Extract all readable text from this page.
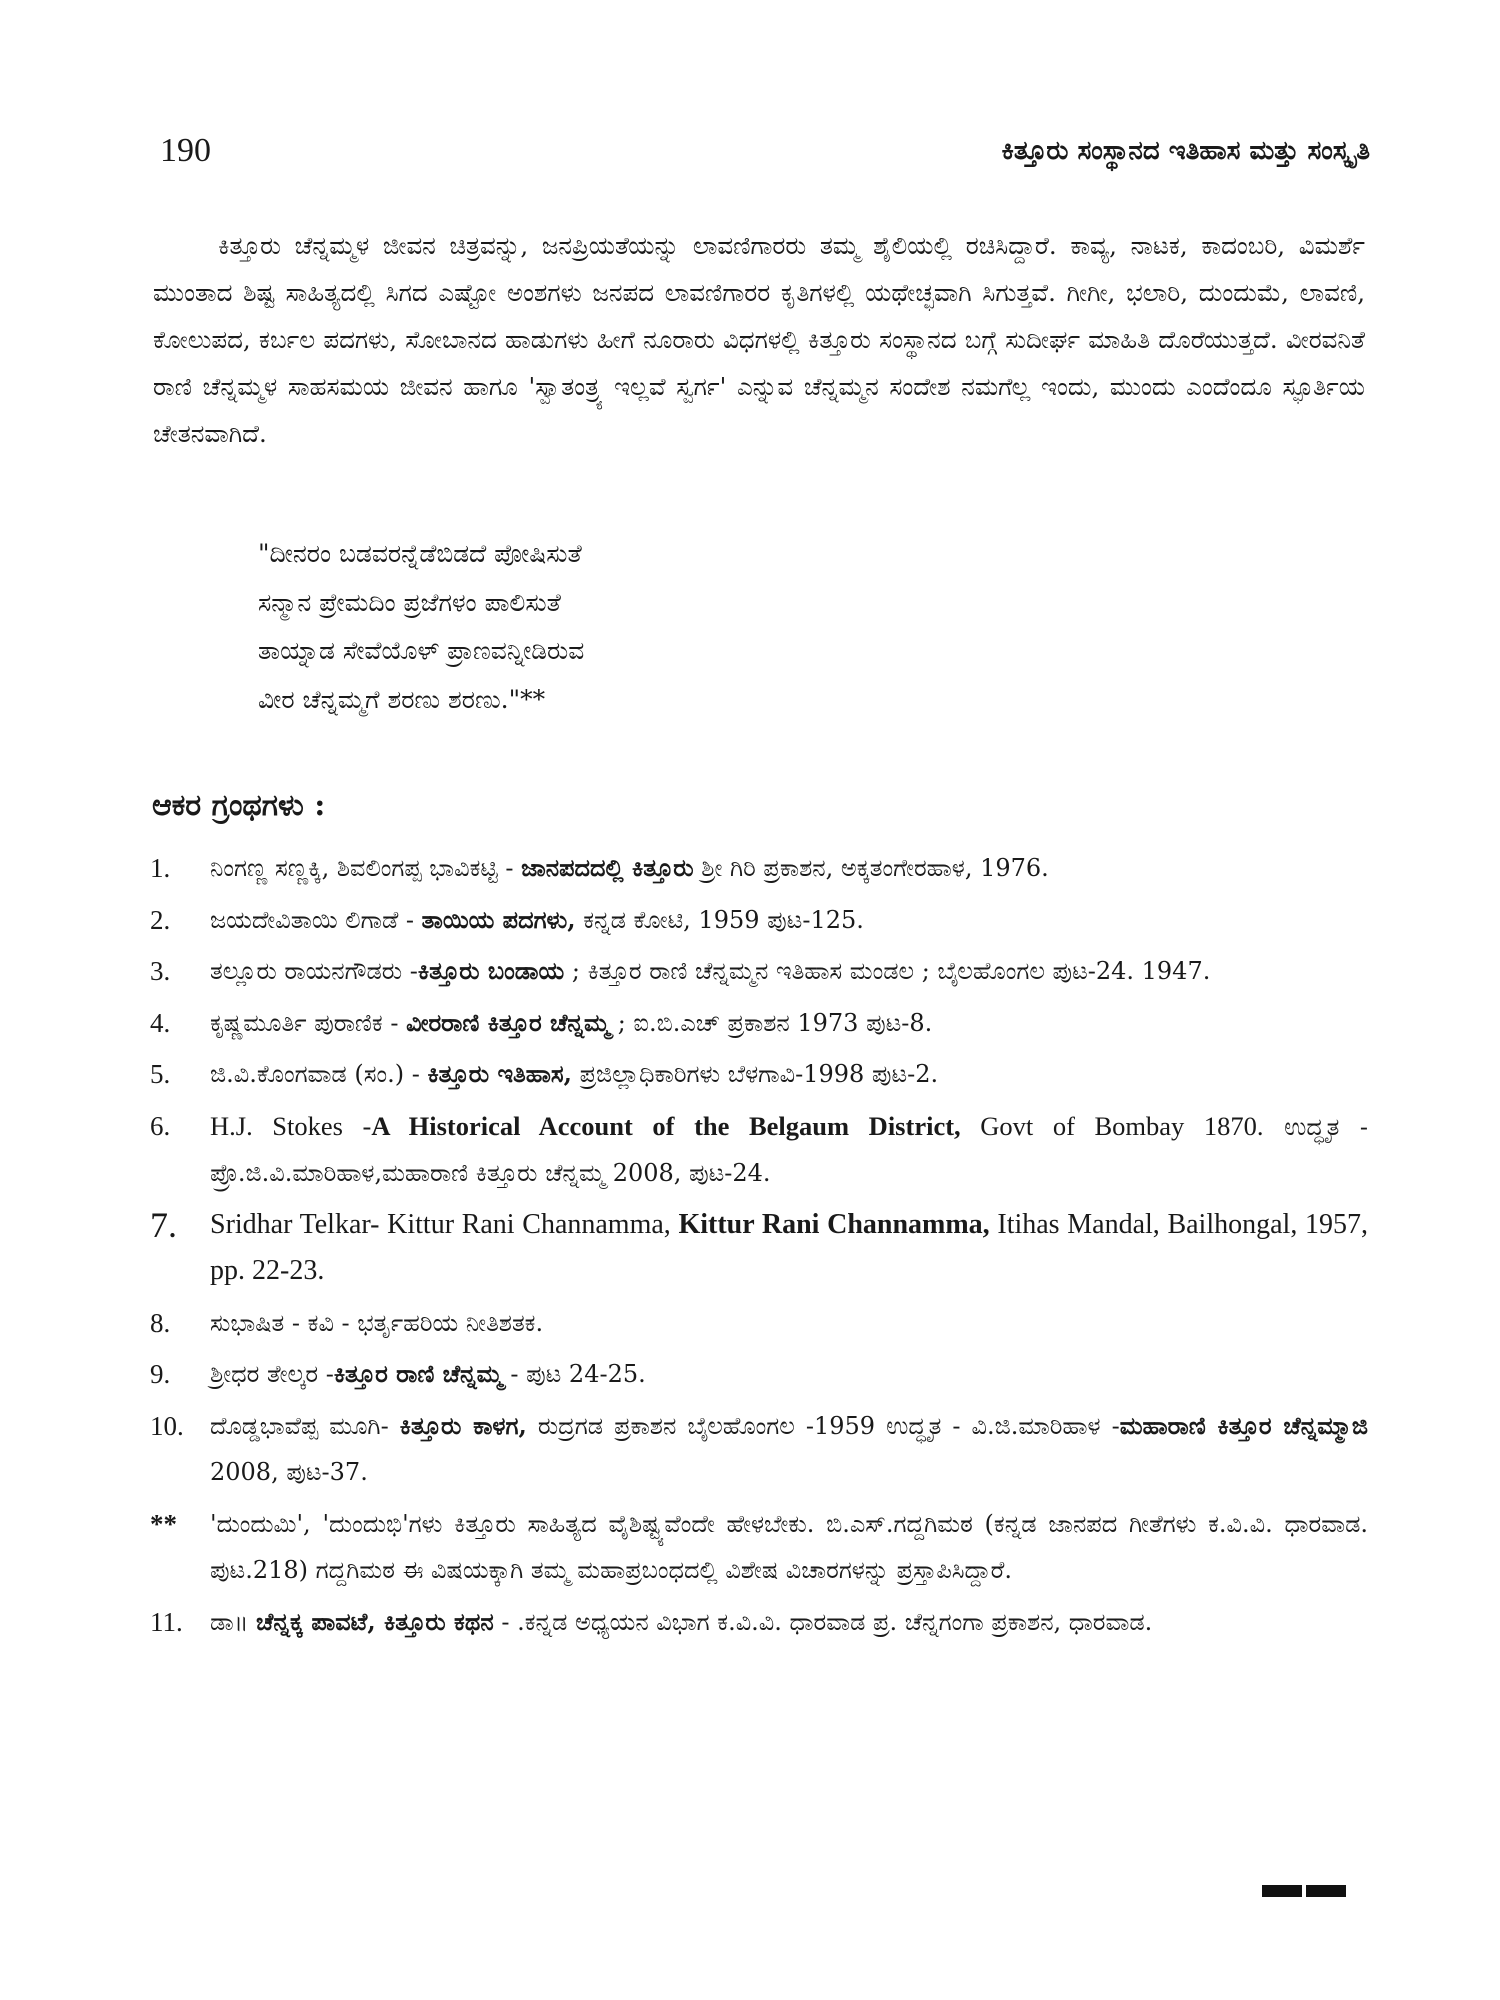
190	ಕಿತ್ತೂರು ಸಂಸ್ಥಾನದ ಇತಿಹಾಸ ಮತ್ತು ಸಂಸ್ಕೃತಿ

ಕಿತ್ತೂರು ಚೆನ್ನಮ್ಮಳ ಜೀವನ ಚಿತ್ರವನ್ನು, ಜನಪ್ರಿಯತೆಯನ್ನು ಲಾವಣಿಗಾರರು ತಮ್ಮ ಶೈಲಿಯಲ್ಲಿ ರಚಿಸಿದ್ದಾರೆ. ಕಾವ್ಯ, ನಾಟಕ, ಕಾದಂಬರಿ, ವಿಮರ್ಶೆ ಮುಂತಾದ ಶಿಷ್ಟ ಸಾಹಿತ್ಯದಲ್ಲಿ ಸಿಗದ ಎಷ್ಟೋ ಅಂಶಗಳು ಜನಪದ ಲಾವಣಿಗಾರರ ಕೃತಿಗಳಲ್ಲಿ ಯಥೇಚ್ಛವಾಗಿ ಸಿಗುತ್ತವೆ. ಗೀಗೀ, ಭಲಾರಿ, ದುಂದುಮೆ, ಲಾವಣಿ, ಕೋಲುಪದ, ಕರ್ಬಲ ಪದಗಳು, ಸೋಬಾನದ ಹಾಡುಗಳು ಹೀಗೆ ನೂರಾರು ವಿಧಗಳಲ್ಲಿ ಕಿತ್ತೂರು ಸಂಸ್ಥಾನದ ಬಗ್ಗೆ ಸುದೀರ್ಘ ಮಾಹಿತಿ ದೊರೆಯುತ್ತದೆ. ವೀರವನಿತೆ ರಾಣಿ ಚೆನ್ನಮ್ಮಳ ಸಾಹಸಮಯ ಜೀವನ ಹಾಗೂ 'ಸ್ವಾತಂತ್ರ್ಯ ಇಲ್ಲವೆ ಸ್ವರ್ಗ' ಎನ್ನುವ ಚೆನ್ನಮ್ಮನ ಸಂದೇಶ ನಮಗೆಲ್ಲ ಇಂದು, ಮುಂದು ಎಂದೆಂದೂ ಸ್ಫೂರ್ತಿಯ ಚೇತನವಾಗಿದೆ.

"ದೀನರಂ ಬಡವರನ್ನೆಡೆಬಿಡದೆ ಪೋಷಿಸುತೆ
ಸನ್ಮಾನ ಪ್ರೇಮದಿಂ ಪ್ರಜೆಗಳಂ ಪಾಲಿಸುತೆ
ತಾಯ್ನಾಡ ಸೇವೆಯೊಳ್ ಪ್ರಾಣವನ್ನೀಡಿರುವ
ವೀರ ಚೆನ್ನಮ್ಮಗೆ ಶರಣು ಶರಣು."**
ಆಕರ ಗ್ರಂಥಗಳು :
1. ನಿಂಗಣ್ಣ ಸಣ್ಣಕ್ಕಿ, ಶಿವಲಿಂಗಪ್ಪ ಭಾವಿಕಟ್ಟಿ - ಜಾನಪದದಲ್ಲಿ ಕಿತ್ತೂರು ಶ್ರೀ ಗಿರಿ ಪ್ರಕಾಶನ, ಅಕ್ಕತಂಗೇರಹಾಳ, 1976.
2. ಜಯದೇವಿತಾಯಿ ಲಿಗಾಡೆ - ತಾಯಿಯ ಪದಗಳು, ಕನ್ನಡ ಕೋಟಿ, 1959 ಪುಟ-125.
3. ತಲ್ಲೂರು ರಾಯನಗೌಡರು -ಕಿತ್ತೂರು ಬಂಡಾಯ ; ಕಿತ್ತೂರ ರಾಣಿ ಚೆನ್ನಮ್ಮನ ಇತಿಹಾಸ ಮಂಡಲ ; ಬೈಲಹೊಂಗಲ ಪುಟ-24. 1947.
4. ಕೃಷ್ಣಮೂರ್ತಿ ಪುರಾಣಿಕ - ವೀರರಾಣಿ ಕಿತ್ತೂರ ಚೆನ್ನಮ್ಮ ; ಐ.ಬಿ.ಎಚ್ ಪ್ರಕಾಶನ 1973 ಪುಟ-8.
5. ಜಿ.ವಿ.ಕೊಂಗವಾಡ (ಸಂ.) - ಕಿತ್ತೂರು ಇತಿಹಾಸ, ಪ್ರಜಿಲ್ಲಾಧಿಕಾರಿಗಳು ಬೆಳಗಾವಿ-1998 ಪುಟ-2.
6. H.J. Stokes -A Historical Account of the Belgaum District, Govt of Bombay 1870. ಉದ್ಧೃತ - ಪ್ರೊ.ಜಿ.ವಿ.ಮಾರಿಹಾಳ,ಮಹಾರಾಣಿ ಕಿತ್ತೂರು ಚೆನ್ನಮ್ಮ 2008, ಪುಟ-24.
7. Sridhar Telkar- Kittur Rani Channamma, Kittur Rani Channamma, Itihas Mandal, Bailhongal, 1957, pp. 22-23.
8. ಸುಭಾಷಿತ - ಕವಿ - ಭರ್ತೃಹರಿಯ ನೀತಿಶತಕ.
9. ಶ್ರೀಧರ ತೇಲ್ಕರ -ಕಿತ್ತೂರ ರಾಣಿ ಚೆನ್ನಮ್ಮ - ಪುಟ 24-25.
10. ದೊಡ್ಡಭಾವೆಪ್ಪ ಮೂಗಿ- ಕಿತ್ತೂರು ಕಾಳಗ, ರುದ್ರಗಡ ಪ್ರಕಾಶನ ಬೈಲಹೊಂಗಲ -1959 ಉದ್ಧೃತ - ವಿ.ಜಿ.ಮಾರಿಹಾಳ -ಮಹಾರಾಣಿ ಕಿತ್ತೂರ ಚೆನ್ನಮ್ಮಾಜಿ 2008, ಪುಟ-37.
** 'ದುಂದುಮಿ', 'ದುಂದುಭಿ'ಗಳು ಕಿತ್ತೂರು ಸಾಹಿತ್ಯದ ವೈಶಿಷ್ಟ್ಯವೆಂದೇ ಹೇಳಬೇಕು. ಬಿ.ಎಸ್.ಗದ್ದಗಿಮಠ (ಕನ್ನಡ ಜಾನಪದ ಗೀತೆಗಳು ಕ.ವಿ.ವಿ. ಧಾರವಾಡ. ಪುಟ.218) ಗದ್ದಗಿಮಠ ಈ ವಿಷಯಕ್ಕಾಗಿ ತಮ್ಮ ಮಹಾಪ್ರಬಂಧದಲ್ಲಿ ವಿಶೇಷ ವಿಚಾರಗಳನ್ನು ಪ್ರಸ್ತಾಪಿಸಿದ್ದಾರೆ.
11. ಡಾ॥ ಚೆನ್ನಕ್ಕ ಪಾವಟೆ, ಕಿತ್ತೂರು ಕಥನ - .ಕನ್ನಡ ಅಧ್ಯಯನ ವಿಭಾಗ ಕ.ವಿ.ವಿ. ಧಾರವಾಡ ಪ್ರ. ಚೆನ್ನಗಂಗಾ ಪ್ರಕಾಶನ, ಧಾರವಾಡ.
